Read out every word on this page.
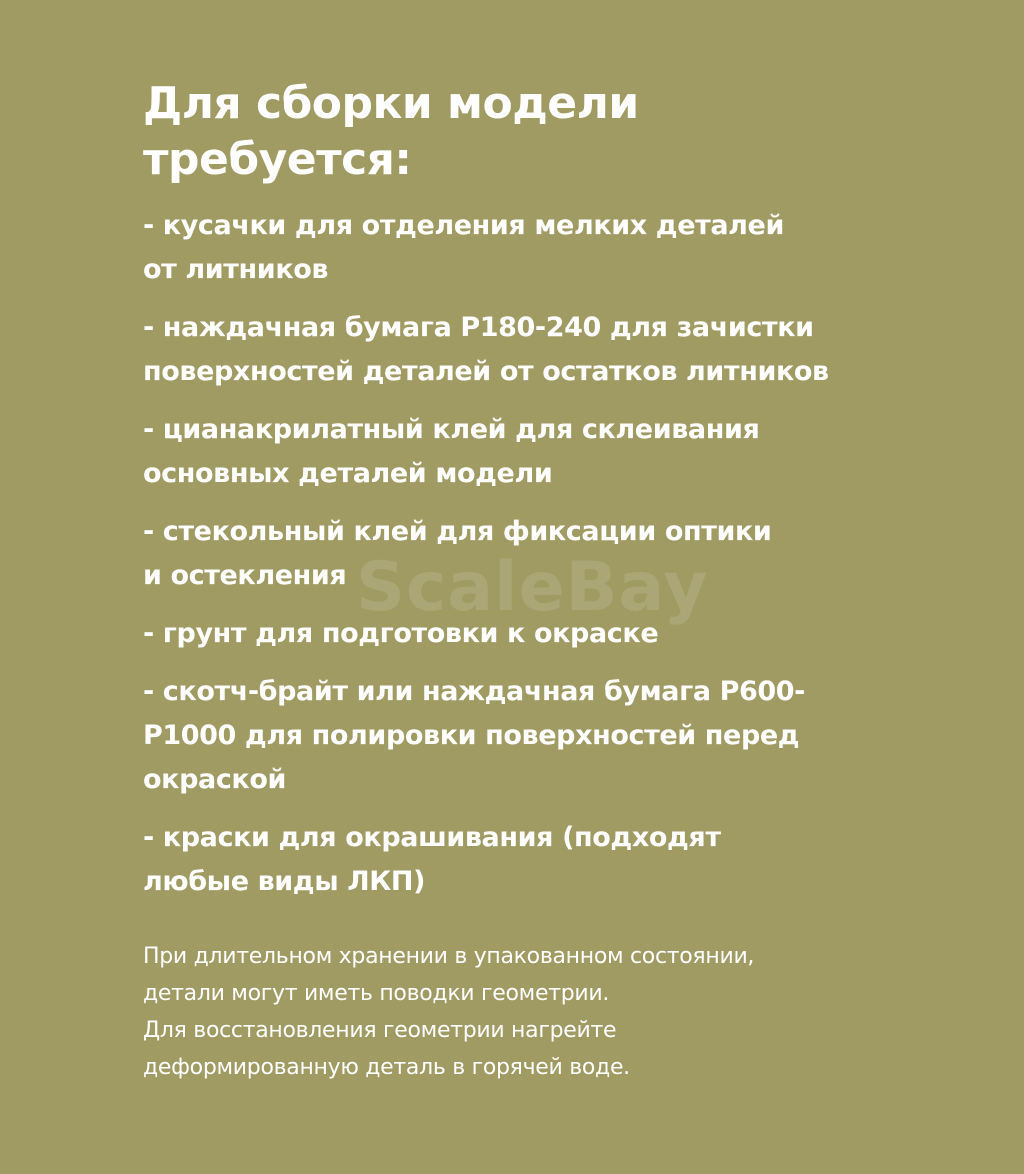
ScaleBay
Для сборки модели
требуется:
- кусачки для отделения мелких деталей
от литников
- наждачная бумага P180-240 для зачистки
поверхностей деталей от остатков литников
- цианакрилатный клей для склеивания
основных деталей модели
- стекольный клей для фиксации оптики
и остекления
- грунт для подготовки к окраске
- скотч-брайт или наждачная бумага P600-
P1000 для полировки поверхностей перед
окраской
- краски для окрашивания (подходят
любые виды ЛКП)

При длительном хранении в упакованном состоянии,
детали могут иметь поводки геометрии.
Для восстановления геометрии нагрейте
деформированную деталь в горячей воде.
